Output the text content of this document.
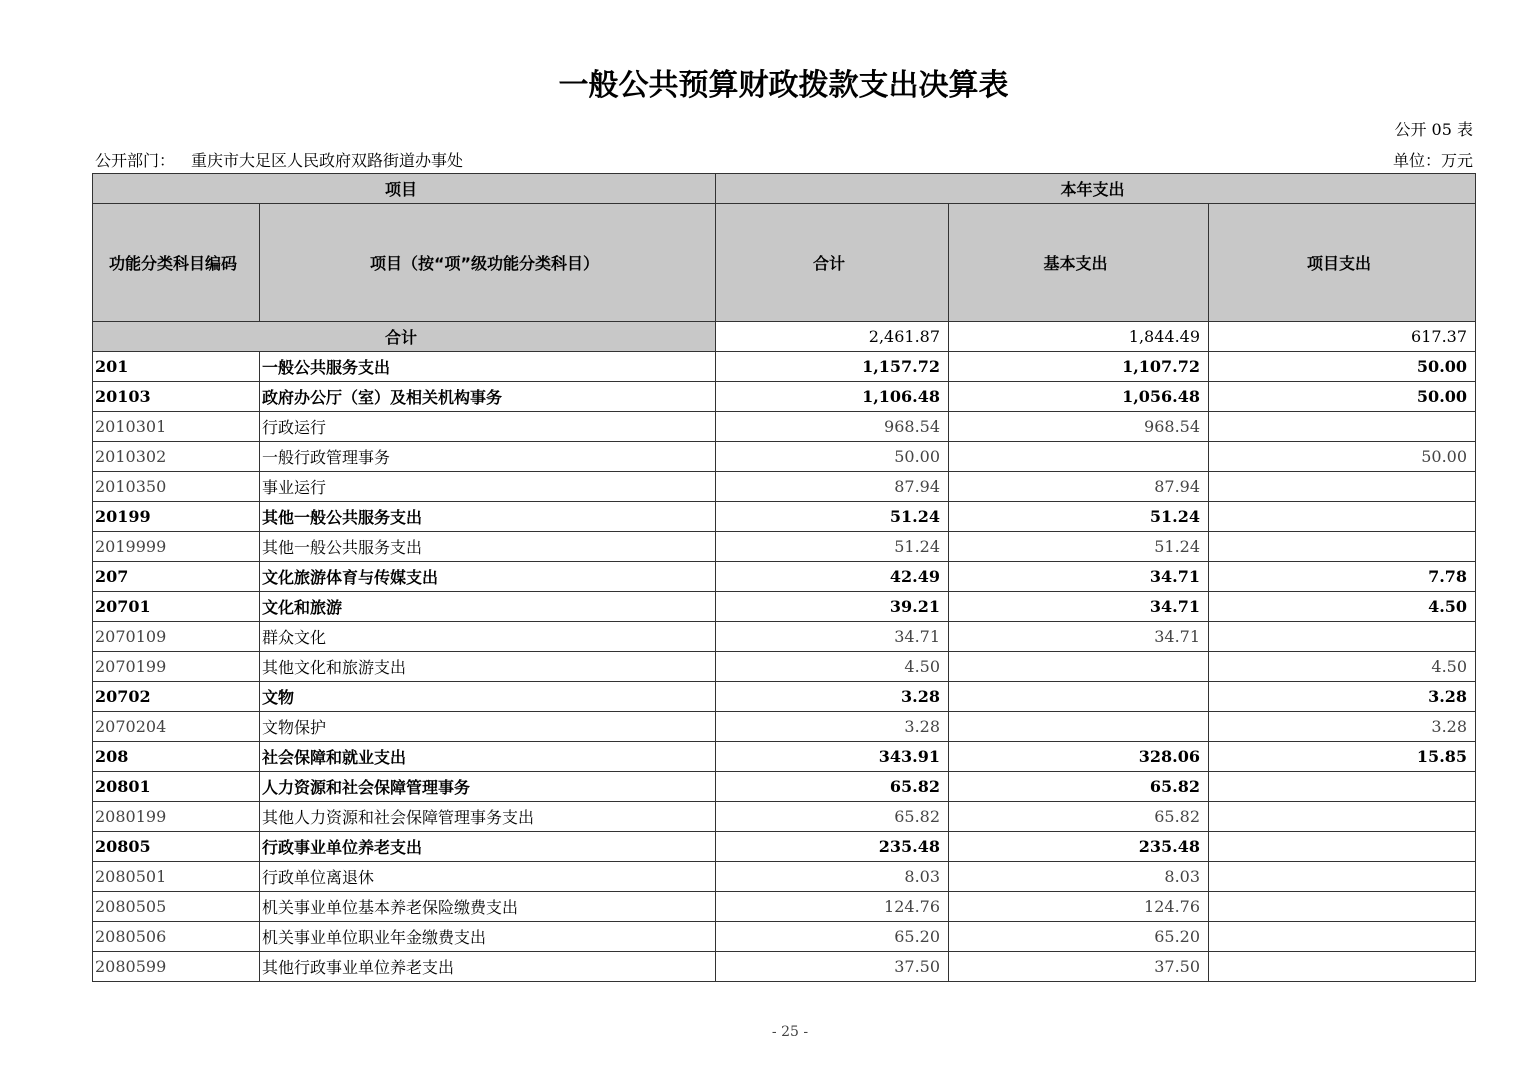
一般公共预算财政拨款支出决算表
公开 05 表
公开部门： 重庆市大足区人民政府双路街道办事处	单位：万元
项目		本年支出		
功能分类科目编码	项目（按“项”级功能分类科目）	合计	基本支出	项目支出
合计		2,461.87	1,844.49	617.37
201	一般公共服务支出	1,157.72	1,107.72	50.00
20103	政府办公厅（室）及相关机构事务	1,106.48	1,056.48	50.00
2010301	行政运行	968.54	968.54	
2010302	一般行政管理事务	50.00		50.00
2010350	事业运行	87.94	87.94	
20199	其他一般公共服务支出	51.24	51.24	
2019999	其他一般公共服务支出	51.24	51.24	
207	文化旅游体育与传媒支出	42.49	34.71	7.78
20701	文化和旅游	39.21	34.71	4.50
2070109	群众文化	34.71	34.71	
2070199	其他文化和旅游支出	4.50		4.50
20702	文物	3.28		3.28
2070204	文物保护	3.28		3.28
208	社会保障和就业支出	343.91	328.06	15.85
20801	人力资源和社会保障管理事务	65.82	65.82	
2080199	其他人力资源和社会保障管理事务支出	65.82	65.82	
20805	行政事业单位养老支出	235.48	235.48	
2080501	行政单位离退休	8.03	8.03	
2080505	机关事业单位基本养老保险缴费支出	124.76	124.76	
2080506	机关事业单位职业年金缴费支出	65.20	65.20	
2080599	其他行政事业单位养老支出	37.50	37.50	
- 25 -
